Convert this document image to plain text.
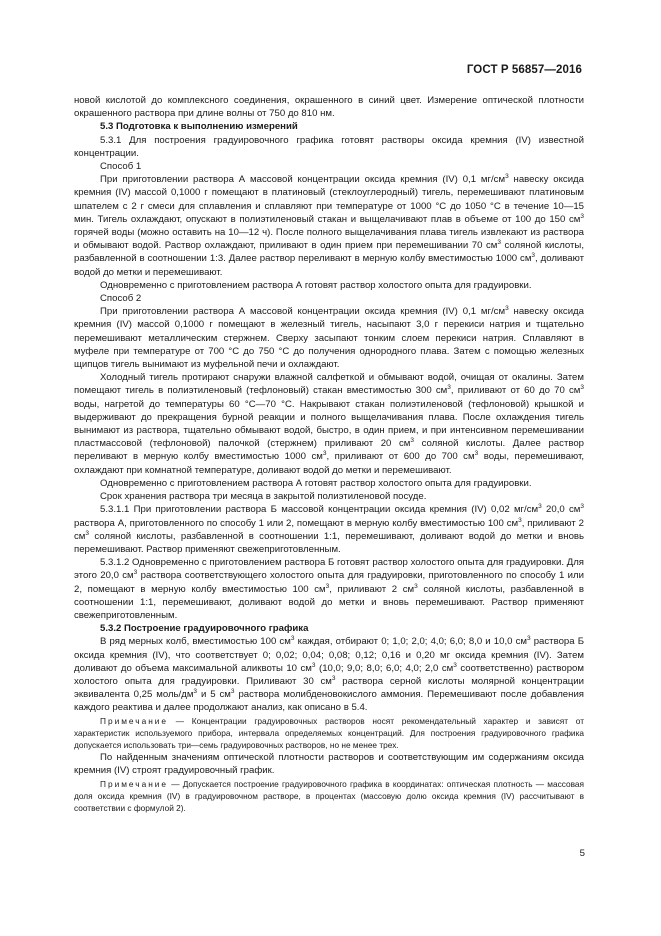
ГОСТ Р 56857—2016

новой кислотой до комплексного соединения, окрашенного в синий цвет. Измерение оптической плотности окрашенного раствора при длине волны от 750 до 810 нм.

5.3 Подготовка к выполнению измерений

5.3.1 Для построения градуировочного графика готовят растворы оксида кремния (IV) известной концентрации.

Способ 1

При приготовлении раствора А массовой концентрации оксида кремния (IV) 0,1 $мг/см^3$ навеску оксида кремния (IV) массой 0,1000 г помещают в платиновый (стеклоуглеродный) тигель, перемешивают платиновым шпателем с 2 г смеси для сплавления и сплавляют при температуре от 1000 °С до 1050 °С в течение 10—15 мин. Тигель охлаждают, опускают в полиэтиленовый стакан и выщелачивают плав в объеме от 100 до 150 $см^3$ горячей воды (можно оставить на 10—12 ч). После полного выщелачивания плава тигель извлекают из раствора и обмывают водой. Раствор охлаждают, приливают в один прием при перемешивании 70 $см^3$ соляной кислоты, разбавленной в соотношении 1:3. Далее раствор переливают в мерную колбу вместимостью 1000 $см^3$, доливают водой до метки и перемешивают.

Одновременно с приготовлением раствора А готовят раствор холостого опыта для градуировки.

Способ 2

При приготовлении раствора А массовой концентрации оксида кремния (IV) 0,1 $мг/см^3$ навеску оксида кремния (IV) массой 0,1000 г помещают в железный тигель, насыпают 3,0 г перекиси натрия и тщательно перемешивают металлическим стержнем. Сверху засыпают тонким слоем перекиси натрия. Сплавляют в муфеле при температуре от 700 °С до 750 °С до получения однородного плава. Затем с помощью железных щипцов тигель вынимают из муфельной печи и охлаждают.

Холодный тигель протирают снаружи влажной салфеткой и обмывают водой, очищая от окалины. Затем помещают тигель в полиэтиленовый (тефлоновый) стакан вместимостью 300 $см^3$, приливают от 60 до 70 $см^3$ воды, нагретой до температуры 60 °С—70 °С. Накрывают стакан полиэтиленовой (тефлоновой) крышкой и выдерживают до прекращения бурной реакции и полного выщелачивания плава. После охлаждения тигель вынимают из раствора, тщательно обмывают водой, быстро, в один прием, и при интенсивном перемешивании пластмассовой (тефлоновой) палочкой (стержнем) приливают 20 $см^3$ соляной кислоты. Далее раствор переливают в мерную колбу вместимостью 1000 $см^3$, приливают от 600 до 700 $см^3$ воды, перемешивают, охлаждают при комнатной температуре, доливают водой до метки и перемешивают.

Одновременно с приготовлением раствора А готовят раствор холостого опыта для градуировки.

Срок хранения раствора три месяца в закрытой полиэтиленовой посуде.

5.3.1.1 При приготовлении раствора Б массовой концентрации оксида кремния (IV) 0,02 $мг/см^3$ 20,0 $см^3$ раствора А, приготовленного по способу 1 или 2, помещают в мерную колбу вместимостью 100 $см^3$, приливают 2 $см^3$ соляной кислоты, разбавленной в соотношении 1:1, перемешивают, доливают водой до метки и вновь перемешивают. Раствор применяют свежеприготовленным.

5.3.1.2 Одновременно с приготовлением раствора Б готовят раствор холостого опыта для градуировки. Для этого 20,0 $см^3$ раствора соответствующего холостого опыта для градуировки, приготовленного по способу 1 или 2, помещают в мерную колбу вместимостью 100 $см^3$, приливают 2 $см^3$ соляной кислоты, разбавленной в соотношении 1:1, перемешивают, доливают водой до метки и вновь перемешивают. Раствор применяют свежеприготовленным.

5.3.2 Построение градуировочного графика

В ряд мерных колб, вместимостью 100 $см^3$ каждая, отбирают 0; 1,0; 2,0; 4,0; 6,0; 8,0 и 10,0 $см^3$ раствора Б оксида кремния (IV), что соответствует 0; 0,02; 0,04; 0,08; 0,12; 0,16 и 0,20 мг оксида кремния (IV). Затем доливают до объема максимальной аликвоты 10 $см^3$ (10,0; 9,0; 8,0; 6,0; 4,0; 2,0 $см^3$ соответственно) раствором холостого опыта для градуировки. Приливают 30 $см^3$ раствора серной кислоты молярной концентрации эквивалента 0,25 моль/$дм^3$ и 5 $см^3$ раствора молибденовокислого аммония. Перемешивают после добавления каждого реактива и далее продолжают анализ, как описано в 5.4.

Примечание — Концентрации градуировочных растворов носят рекомендательный характер и зависят от характеристик используемого прибора, интервала определяемых концентраций. Для построения градуировочного графика допускается использовать три—семь градуировочных растворов, но не менее трех.

По найденным значениям оптической плотности растворов и соответствующим им содержаниям оксида кремния (IV) строят градуировочный график.

Примечание — Допускается построение градуировочного графика в координатах: оптическая плотность — массовая доля оксида кремния (IV) в градуировочном растворе, в процентах (массовую долю оксида кремния (IV) рассчитывают в соответствии с формулой 2).

5
